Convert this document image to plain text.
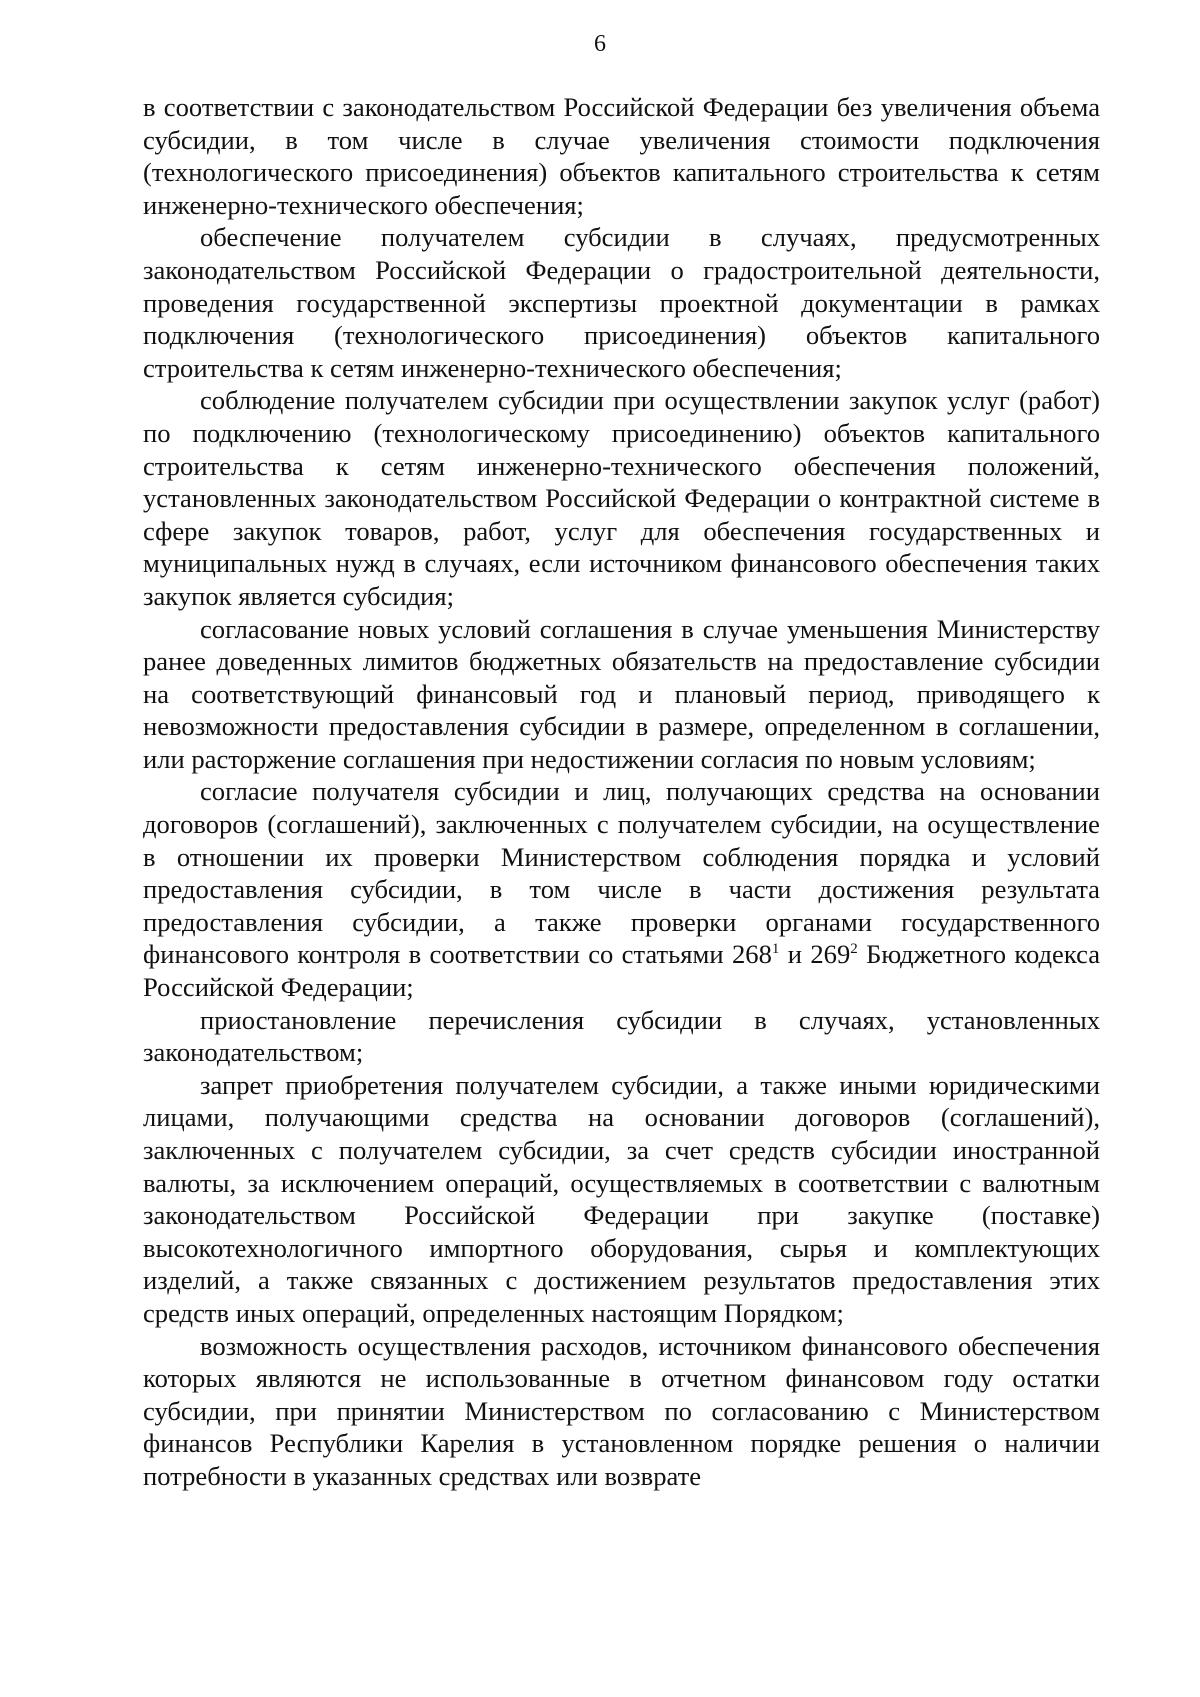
6

в соответствии с законодательством Российской Федерации без увеличения объема субсидии, в том числе в случае увеличения стоимости подключения (технологического присоединения) объектов капитального строительства к сетям инженерно-технического обеспечения;

обеспечение получателем субсидии в случаях, предусмотренных законодательством Российской Федерации о градостроительной деятельности, проведения государственной экспертизы проектной документации в рамках подключения (технологического присоединения) объектов капитального строительства к сетям инженерно-технического обеспечения;

соблюдение получателем субсидии при осуществлении закупок услуг (работ) по подключению (технологическому присоединению) объектов капитального строительства к сетям инженерно-технического обеспечения положений, установленных законодательством Российской Федерации о контрактной системе в сфере закупок товаров, работ, услуг для обеспечения государственных и муниципальных нужд в случаях, если источником финансового обеспечения таких закупок является субсидия;

согласование новых условий соглашения в случае уменьшения Министерству ранее доведенных лимитов бюджетных обязательств на предоставление субсидии на соответствующий финансовый год и плановый период, приводящего к невозможности предоставления субсидии в размере, определенном в соглашении, или расторжение соглашения при недостижении согласия по новым условиям;

согласие получателя субсидии и лиц, получающих средства на основании договоров (соглашений), заключенных с получателем субсидии, на осуществление в отношении их проверки Министерством соблюдения порядка и условий предоставления субсидии, в том числе в части достижения результата предоставления субсидии, а также проверки органами государственного финансового контроля в соответствии со статьями $268^1$ и $269^2$ Бюджетного кодекса Российской Федерации;

приостановление перечисления субсидии в случаях, установленных законодательством;

запрет приобретения получателем субсидии, а также иными юридическими лицами, получающими средства на основании договоров (соглашений), заключенных с получателем субсидии, за счет средств субсидии иностранной валюты, за исключением операций, осуществляемых в соответствии с валютным законодательством Российской Федерации при закупке (поставке) высокотехнологичного импортного оборудования, сырья и комплектующих изделий, а также связанных с достижением результатов предоставления этих средств иных операций, определенных настоящим Порядком;

возможность осуществления расходов, источником финансового обеспечения которых являются не использованные в отчетном финансовом году остатки субсидии, при принятии Министерством по согласованию с Министерством финансов Республики Карелия в установленном порядке решения о наличии потребности в указанных средствах или возврате
